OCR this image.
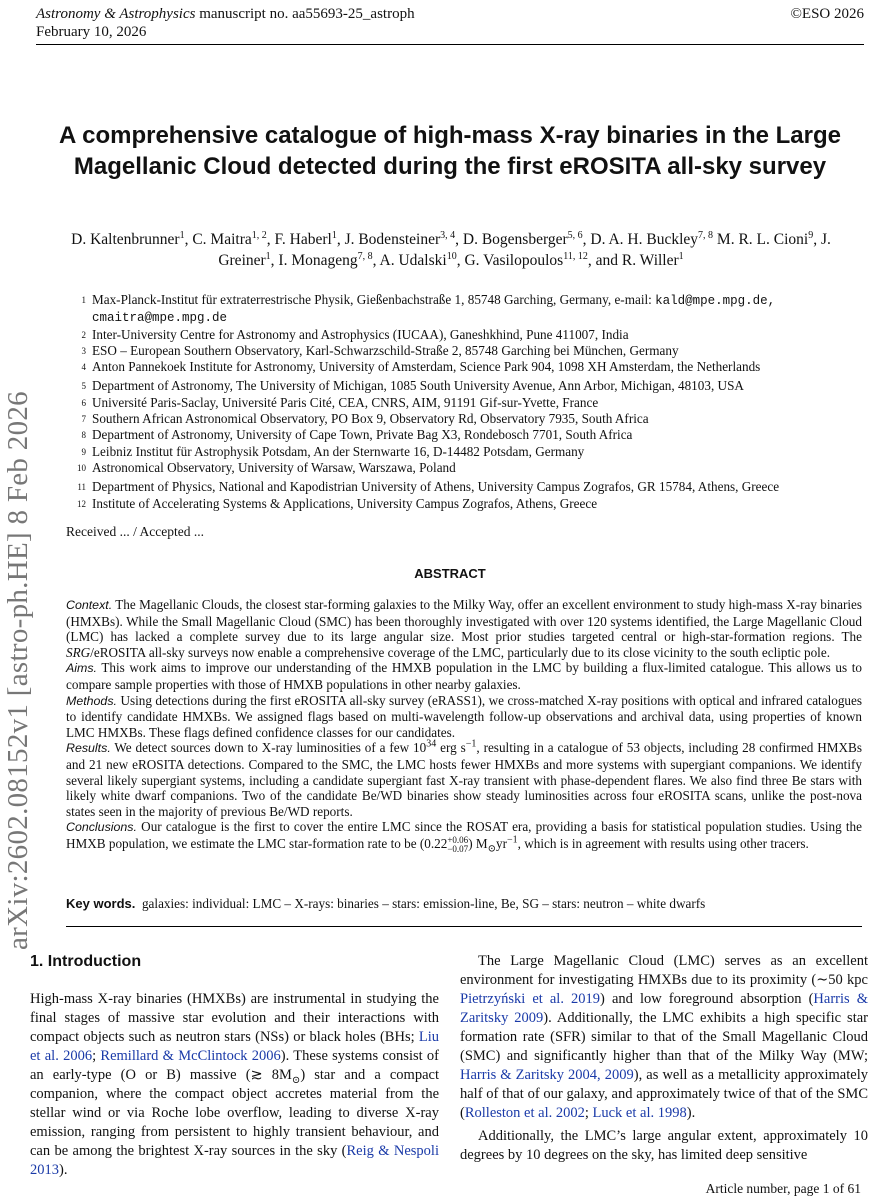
Astronomy & Astrophysics manuscript no. aa55693-25_astroph
February 10, 2026
©ESO 2026
arXiv:2602.08152v1 [astro-ph.HE] 8 Feb 2026
A comprehensive catalogue of high-mass X-ray binaries in the Large Magellanic Cloud detected during the first eROSITA all-sky survey
D. Kaltenbrunner$^1$, C. Maitra$^{1, 2}$, F. Haberl$^1$, J. Bodensteiner$^{3, 4}$, D. Bogensberger$^{5, 6}$, D. A. H. Buckley$^{7, 8}$ M. R. L. Cioni$^9$, J. Greiner$^1$, I. Monageng$^{7, 8}$, A. Udalski$^{10}$, G. Vasilopoulos$^{11, 12}$, and R. Willer$^1$
1 Max-Planck-Institut für extraterrestrische Physik, Gießenbachstraße 1, 85748 Garching, Germany, e-mail: kald@mpe.mpg.de, cmaitra@mpe.mpg.de
2 Inter-University Centre for Astronomy and Astrophysics (IUCAA), Ganeshkhind, Pune 411007, India
3 ESO – European Southern Observatory, Karl-Schwarzschild-Straße 2, 85748 Garching bei München, Germany
4 Anton Pannekoek Institute for Astronomy, University of Amsterdam, Science Park 904, 1098 XH Amsterdam, the Netherlands
5 Department of Astronomy, The University of Michigan, 1085 South University Avenue, Ann Arbor, Michigan, 48103, USA
6 Université Paris-Saclay, Université Paris Cité, CEA, CNRS, AIM, 91191 Gif-sur-Yvette, France
7 Southern African Astronomical Observatory, PO Box 9, Observatory Rd, Observatory 7935, South Africa
8 Department of Astronomy, University of Cape Town, Private Bag X3, Rondebosch 7701, South Africa
9 Leibniz Institut für Astrophysik Potsdam, An der Sternwarte 16, D-14482 Potsdam, Germany
10 Astronomical Observatory, University of Warsaw, Warszawa, Poland
11 Department of Physics, National and Kapodistrian University of Athens, University Campus Zografos, GR 15784, Athens, Greece
12 Institute of Accelerating Systems & Applications, University Campus Zografos, Athens, Greece
Received ... / Accepted ...
ABSTRACT

Context. The Magellanic Clouds, the closest star-forming galaxies to the Milky Way, offer an excellent environment to study high-mass X-ray binaries (HMXBs). While the Small Magellanic Cloud (SMC) has been thoroughly investigated with over 120 systems identified, the Large Magellanic Cloud (LMC) has lacked a complete survey due to its large angular size. Most prior studies targeted central or high-star-formation regions. The SRG/eROSITA all-sky surveys now enable a comprehensive coverage of the LMC, particularly due to its close vicinity to the south ecliptic pole.

Aims. This work aims to improve our understanding of the HMXB population in the LMC by building a flux-limited catalogue. This allows us to compare sample properties with those of HMXB populations in other nearby galaxies.

Methods. Using detections during the first eROSITA all-sky survey (eRASS1), we cross-matched X-ray positions with optical and infrared catalogues to identify candidate HMXBs. We assigned flags based on multi-wavelength follow-up observations and archival data, using properties of known LMC HMXBs. These flags defined confidence classes for our candidates.

Results. We detect sources down to X-ray luminosities of a few $10^{34}$ erg $s^{-1}$, resulting in a catalogue of 53 objects, including 28 confirmed HMXBs and 21 new eROSITA detections. Compared to the SMC, the LMC hosts fewer HMXBs and more systems with supergiant companions. We identify several likely supergiant systems, including a candidate supergiant fast X-ray transient with phase-dependent flares. We also find three Be stars with likely white dwarf companions. Two of the candidate Be/WD binaries show steady luminosities across four eROSITA scans, unlike the post-nova states seen in the majority of previous Be/WD reports.

Conclusions. Our catalogue is the first to cover the entire LMC since the ROSAT era, providing a basis for statistical population studies. Using the HMXB population, we estimate the LMC star-formation rate to be (0.22+0.06
−0.07) $M_⊙yr^{-1}$, which is in agreement with results using other tracers.

Key words. galaxies: individual: LMC – X-rays: binaries – stars: emission-line, Be, SG – stars: neutron – white dwarfs
1. Introduction

High-mass X-ray binaries (HMXBs) are instrumental in studying the final stages of massive star evolution and their interactions with compact objects such as neutron stars (NSs) or black holes (BHs; Liu et al. 2006; Remillard & McClintock 2006). These systems consist of an early-type (O or B) massive (≳ $8M_⊙$) star and a compact companion, where the compact object accretes material from the stellar wind or via Roche lobe overflow, leading to diverse X-ray emission, ranging from persistent to highly transient behaviour, and can be among the brightest X-ray sources in the sky (Reig & Nespoli 2013).

The Large Magellanic Cloud (LMC) serves as an excellent environment for investigating HMXBs due to its proximity (∼50 kpc Pietrzyński et al. 2019) and low foreground absorption (Harris & Zaritsky 2009). Additionally, the LMC exhibits a high specific star formation rate (SFR) similar to that of the Small Magellanic Cloud (SMC) and significantly higher than that of the Milky Way (MW; Harris & Zaritsky 2004, 2009), as well as a metallicity approximately half of that of our galaxy, and approximately twice of that of the SMC (Rolleston et al. 2002; Luck et al. 1998).

Additionally, the LMC’s large angular extent, approximately 10 degrees by 10 degrees on the sky, has limited deep sensitive

Article number, page 1 of 61
